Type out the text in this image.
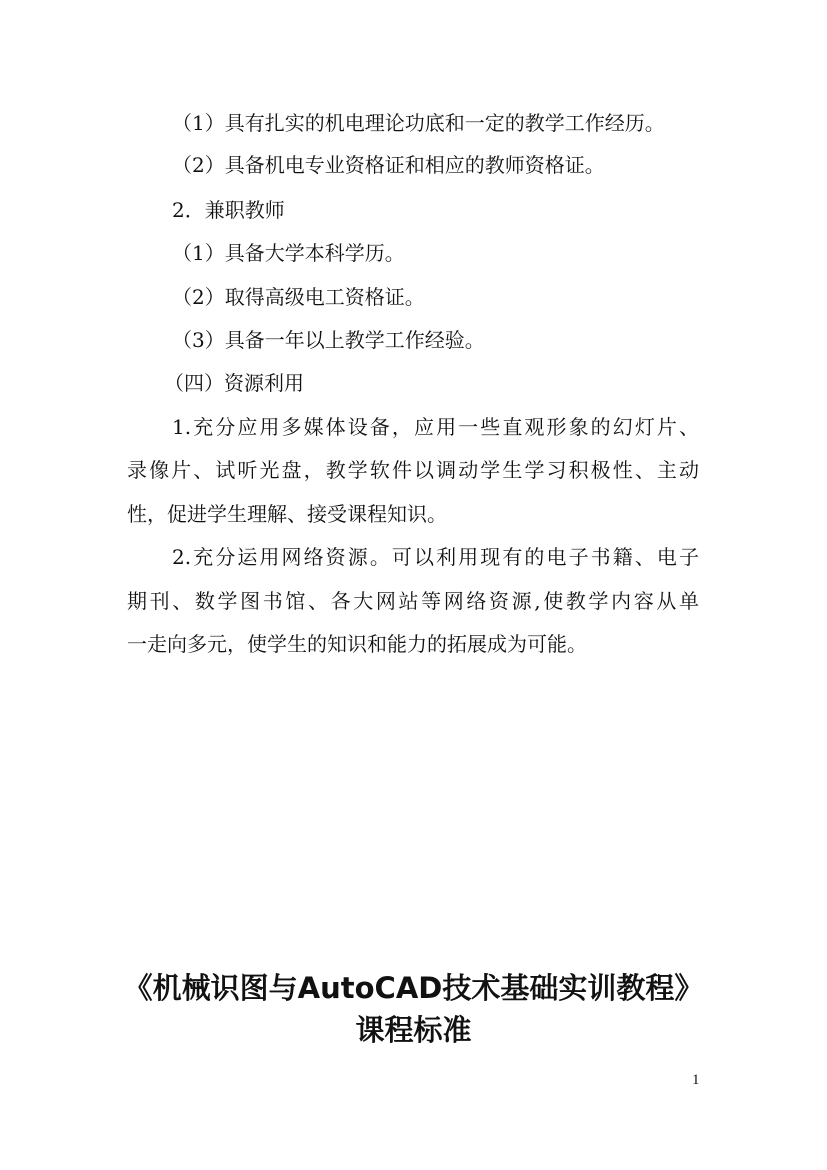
（1）具有扎实的机电理论功底和一定的教学工作经历。
（2）具备机电专业资格证和相应的教师资格证。
2．兼职教师
（1）具备大学本科学历。
（2）取得高级电工资格证。
（3）具备一年以上教学工作经验。
（四）资源利用
1.充分应用多媒体设备，应用一些直观形象的幻灯片、
录像片、试听光盘，教学软件以调动学生学习积极性、主动
性，促进学生理解、接受课程知识。
2.充分运用网络资源。可以利用现有的电子书籍、电子
期刊、数学图书馆、各大网站等网络资源,使教学内容从单
一走向多元，使学生的知识和能力的拓展成为可能。
《机械识图与AutoCAD技术基础实训教程》
课程标准
1
